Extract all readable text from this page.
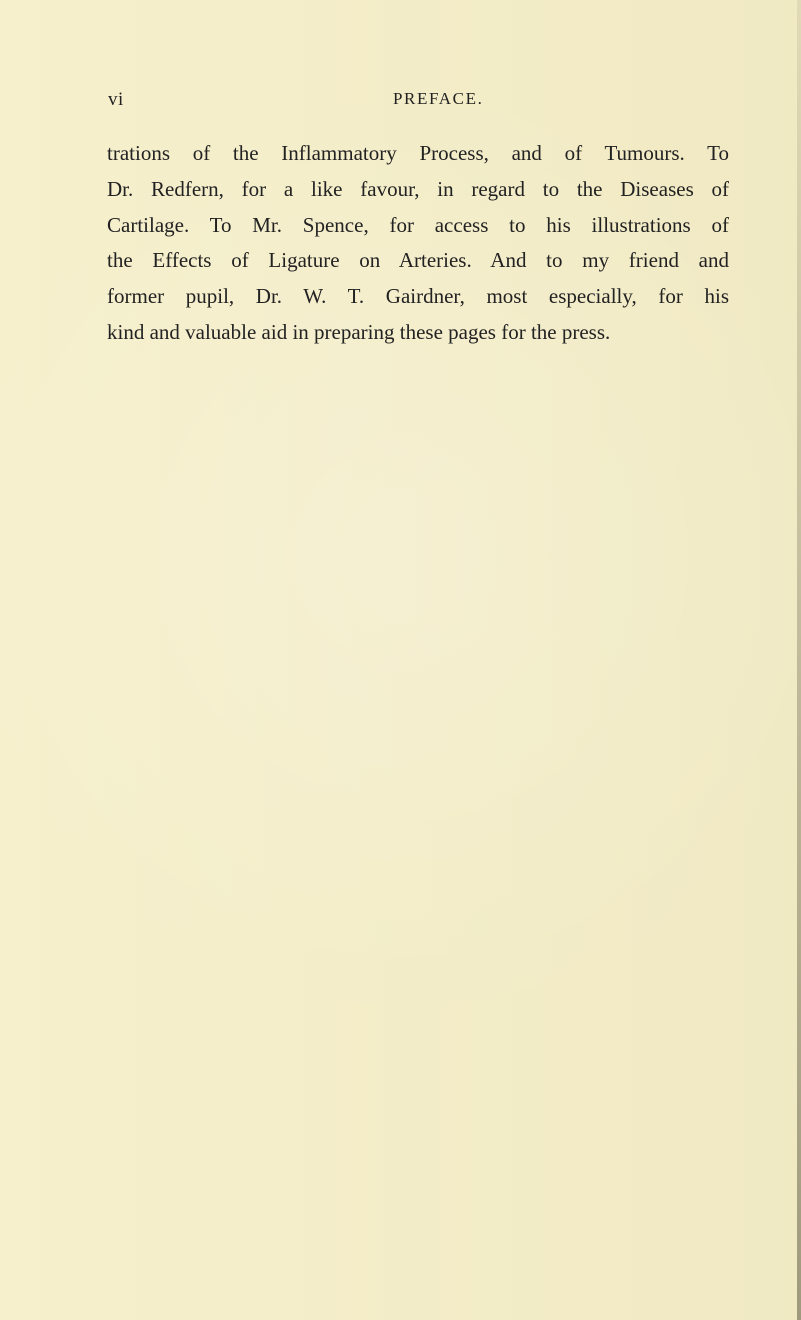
vi	PREFACE.
trations of the Inflammatory Process, and of Tumours. To
Dr. Redfern, for a like favour, in regard to the Diseases of
Cartilage. To Mr. Spence, for access to his illustrations of
the Effects of Ligature on Arteries. And to my friend and
former pupil, Dr. W. T. Gairdner, most especially, for his
kind and valuable aid in preparing these pages for the press.
